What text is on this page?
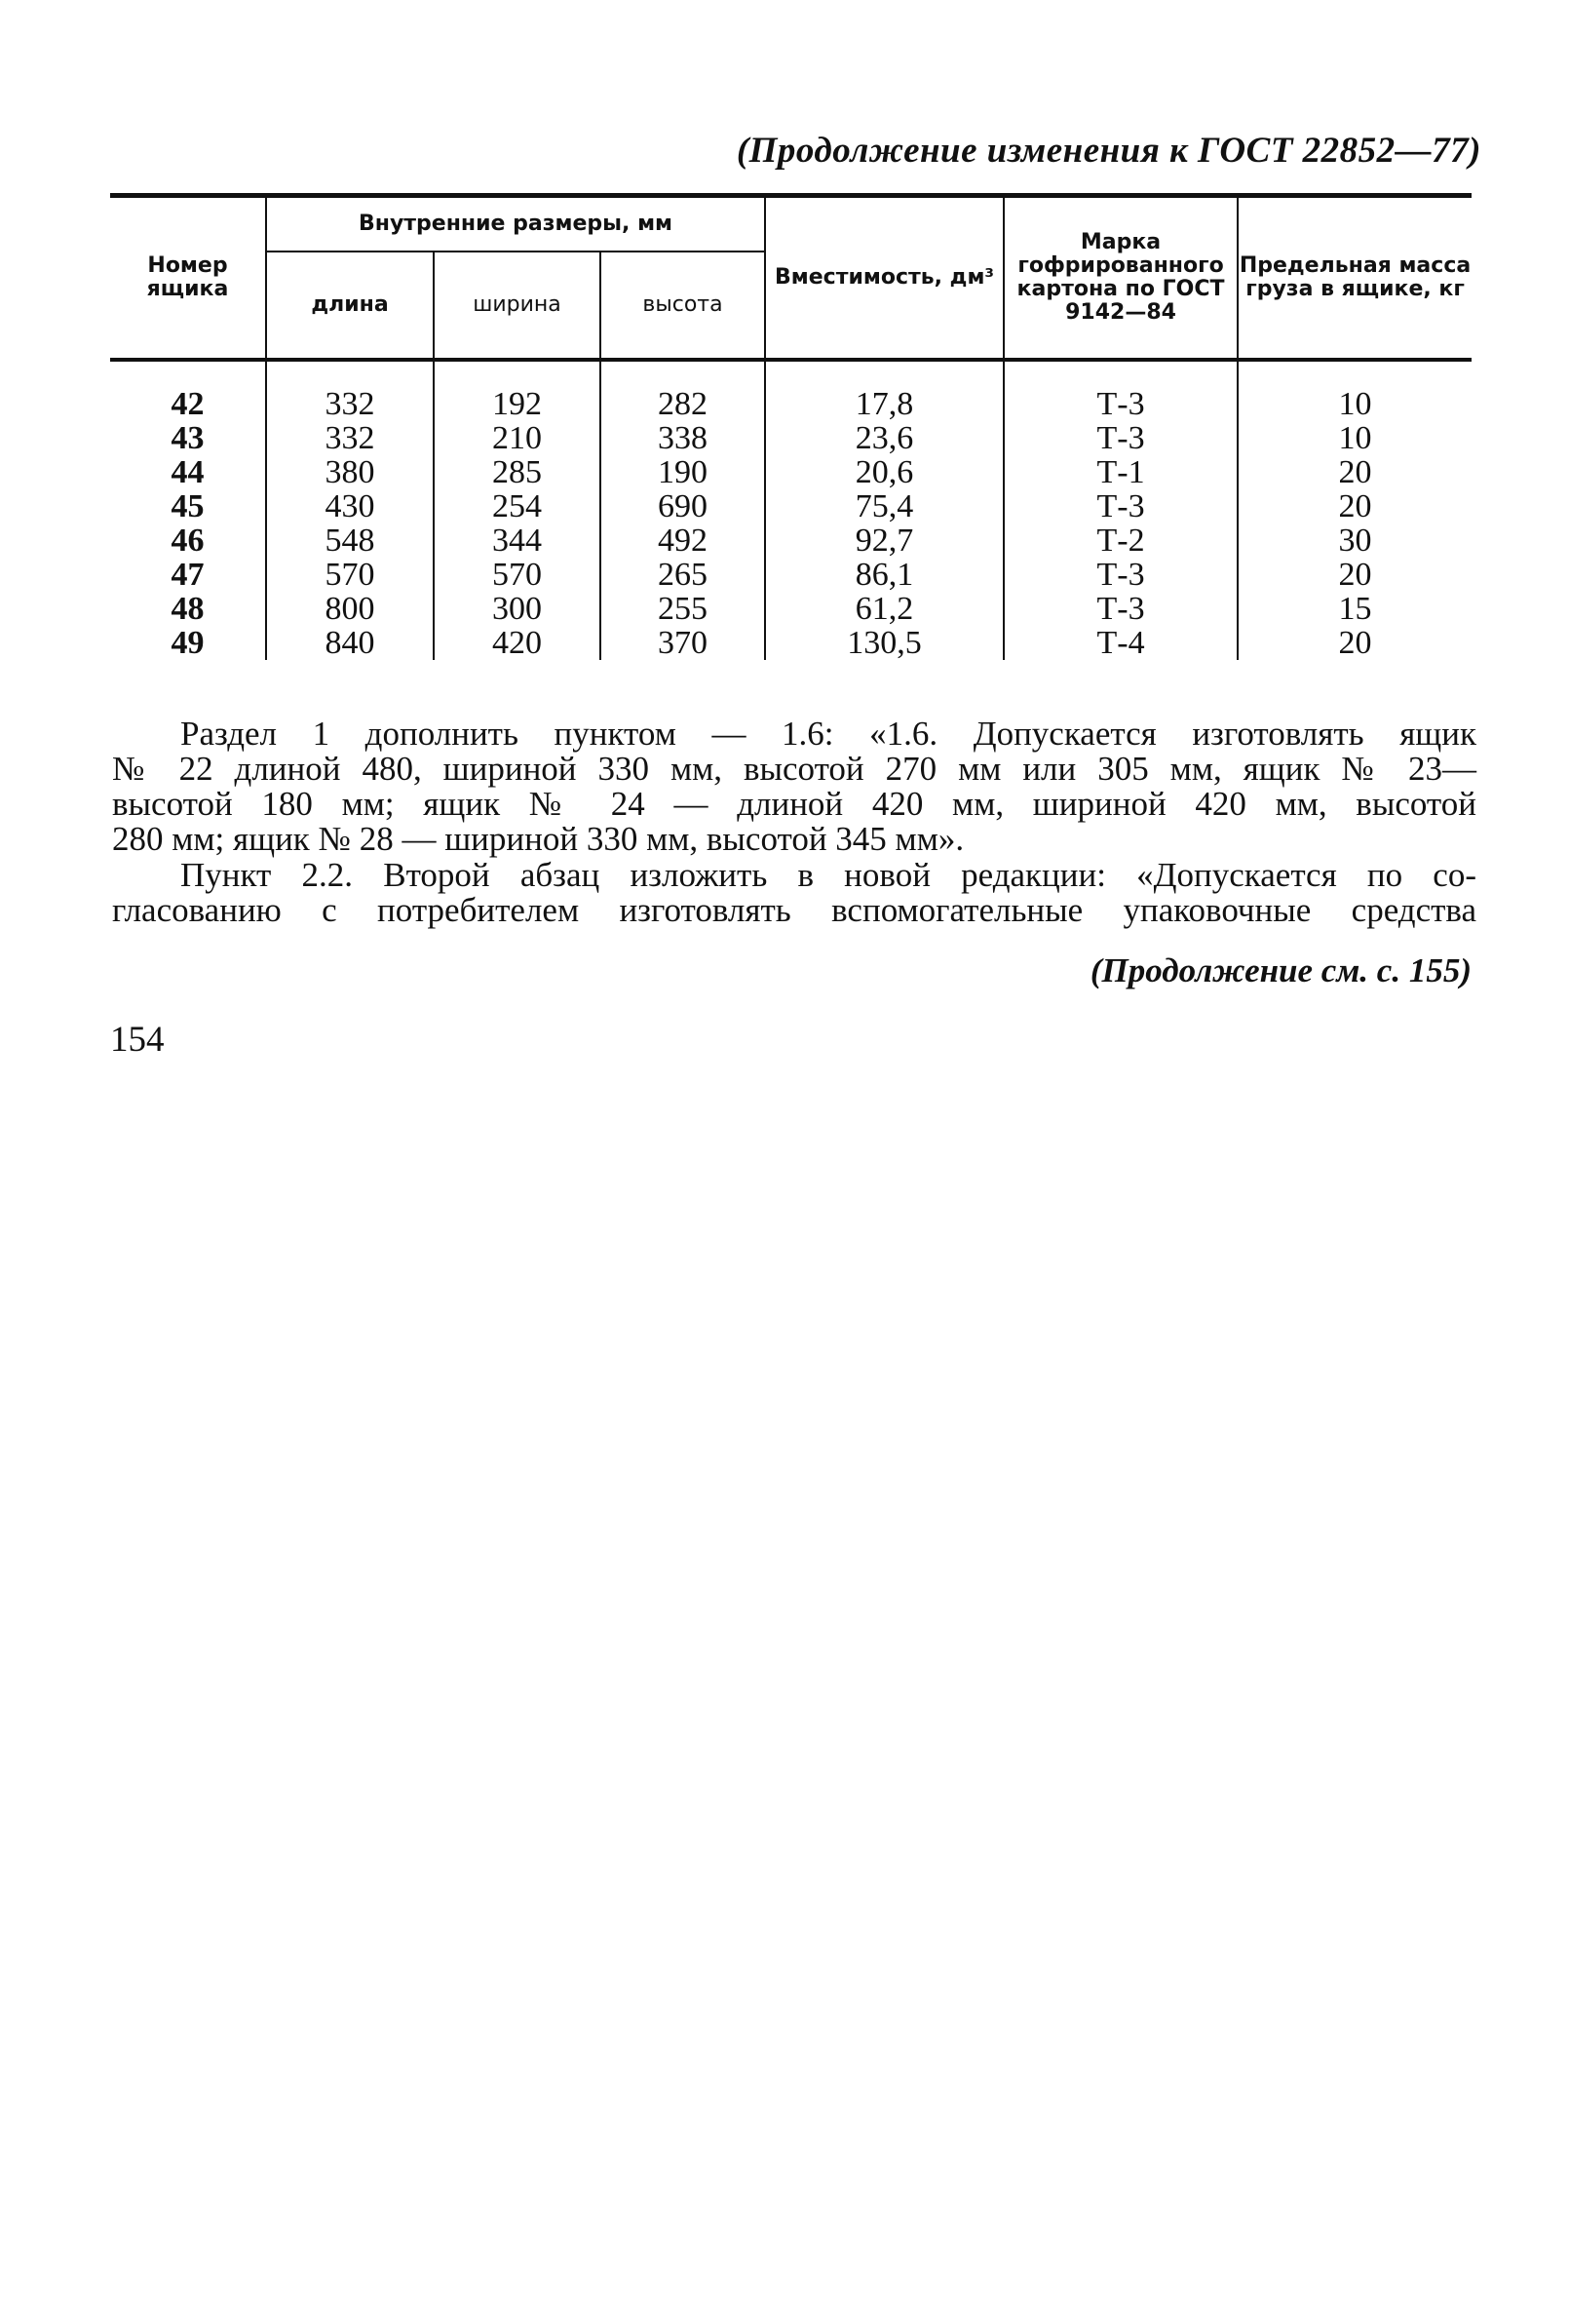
(Продолжение изменения к ГОСТ 22852—77)
Номер ящика	Внутренние размеры, мм			Вместимость, дм³	Марка гофрированного картона по ГОСТ 9142—84	Предельная масса груза в ящике, кг
	длина	ширина	высота			
42	332	192	282	17,8	Т-3	10
43	332	210	338	23,6	Т-3	10
44	380	285	190	20,6	Т-1	20
45	430	254	690	75,4	Т-3	20
46	548	344	492	92,7	Т-2	30
47	570	570	265	86,1	Т-3	20
48	800	300	255	61,2	Т-3	15
49	840	420	370	130,5	Т-4	20

Раздел 1 дополнить пунктом — 1.6: «1.6. Допускается изготовлять ящик
№ 22 длиной 480, шириной 330 мм, высотой 270 мм или 305 мм, ящик № 23—
высотой 180 мм; ящик № 24 — длиной 420 мм, шириной 420 мм, высотой
280 мм; ящик № 28 — шириной 330 мм, высотой 345 мм».

Пункт 2.2. Второй абзац изложить в новой редакции: «Допускается по со-
гласованию с потребителем изготовлять вспомогательные упаковочные средства

(Продолжение см. с. 155)
154
